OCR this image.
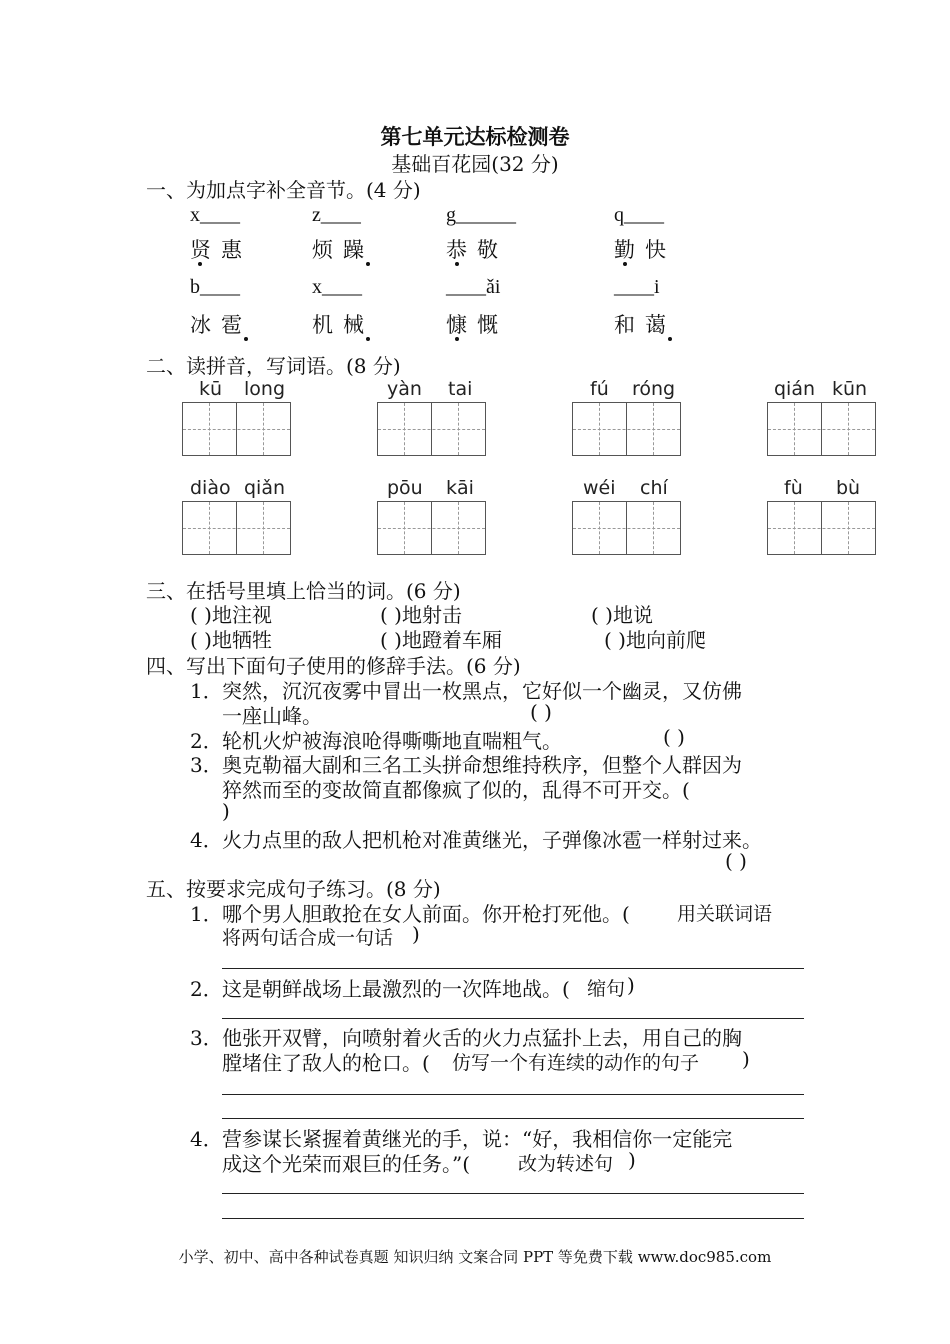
第七单元达标检测卷
基础百花园(32 分)
一、为加点字补全音节。(4 分)
x____	z____	g______	q____
贤惠	烦躁	恭敬	勤快
b____	x____	____ǎi	____i
冰雹	机械	慷慨	和蔼
二、读拼音，写词语。(8 分)
kū long	yàn tai	fú róng	qián kūn
diào qiǎn	pōu kāi	wéi chí	fù bù
三、在括号里填上恰当的词。(6 分)
( )地注视	( )地射击	( )地说
( )地牺牲	( )地蹬着车厢	( )地向前爬
四、写出下面句子使用的修辞手法。(6 分)
1． 突然，沉沉夜雾中冒出一枚黑点，它好似一个幽灵，又仿佛
一座山峰。	( )
2． 轮机火炉被海浪呛得嘶嘶地直喘粗气。	( )
3． 奥克勒福大副和三名工头拼命想维持秩序，但整个人群因为
猝然而至的变故简直都像疯了似的，乱得不可开交。(
)
4． 火力点里的敌人把机枪对准黄继光，子弹像冰雹一样射过来。
( )
五、按要求完成句子练习。(8 分)
1． 哪个男人胆敢抢在女人前面。你开枪打死他。( 用关联词语
将两句话合成一句话 )
2． 这是朝鲜战场上最激烈的一次阵地战。( 缩句 )
3． 他张开双臂，向喷射着火舌的火力点猛扑上去，用自己的胸
膛堵住了敌人的枪口。( 仿写一个有连续的动作的句子 )
4． 营参谋长紧握着黄继光的手，说：“好，我相信你一定能完
成这个光荣而艰巨的任务。”(	改为转述句 )
小学、初中、高中各种试卷真题 知识归纳 文案合同 PPT 等免费下载 www.doc985.com
